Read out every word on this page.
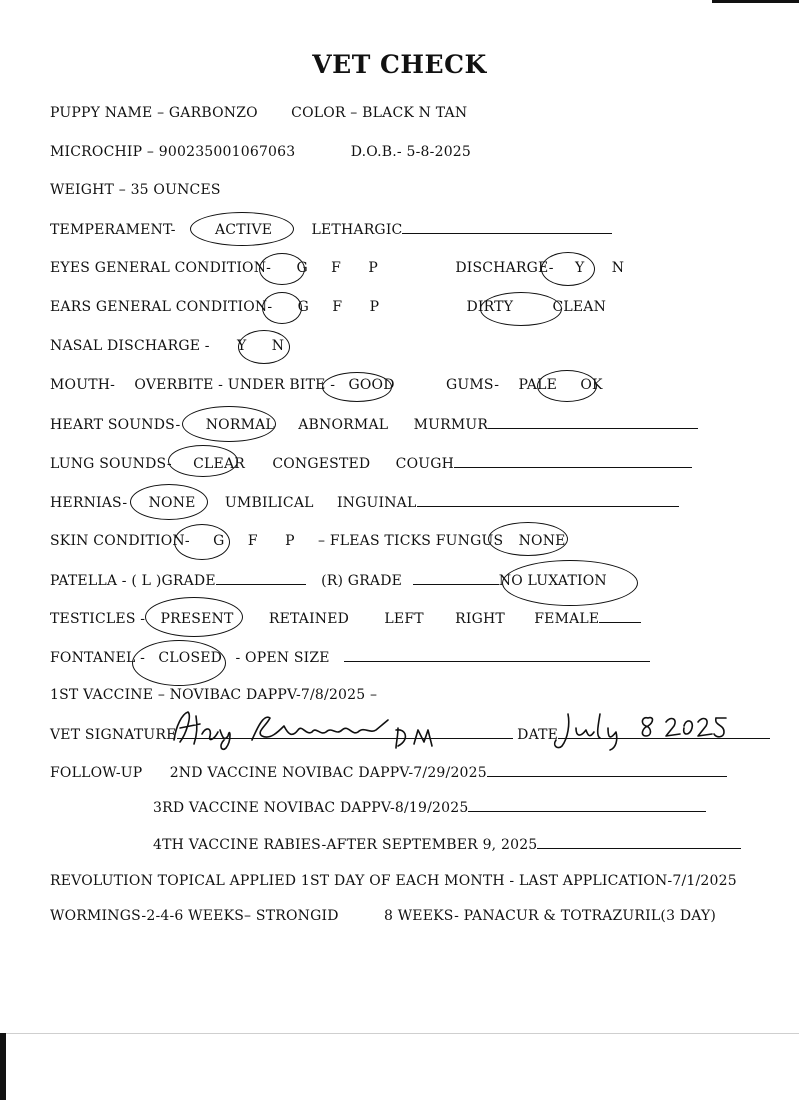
VET CHECK
PUPPY NAME – GARBONZO COLOR – BLACK N TAN
MICROCHIP – 900235001067063	D.O.B.- 5-8-2025
WEIGHT – 35 OUNCES
TEMPERAMENT-	ACTIVE	LETHARGIC
EYES GENERAL CONDITION- G F P	DISCHARGE- Y N
EARS GENERAL CONDITION- G F P	DIRTY	CLEAN
NASAL DISCHARGE - Y N
MOUTH- OVERBITE - UNDER BITE - GOOD	GUMS- PALE OK
HEART SOUNDS- NORMAL ABNORMAL MURMUR
LUNG SOUNDS- CLEAR CONGESTED COUGH
HERNIAS- NONE UMBILICAL INGUINAL
SKIN CONDITION- G F P – FLEAS TICKS FUNGUS NONE
PATELLA - ( L )GRADE	(R) GRADE	NO LUXATION
TESTICLES - PRESENT	RETAINED	LEFT RIGHT FEMALE
FONTANEL - CLOSED - OPEN SIZE
1ST VACCINE – NOVIBAC DAPPV-7/8/2025 –
VET SIGNATURE	DATE
FOLLOW-UP 2ND VACCINE NOVIBAC DAPPV-7/29/2025
3RD VACCINE NOVIBAC DAPPV-8/19/2025
4TH VACCINE RABIES-AFTER SEPTEMBER 9, 2025
REVOLUTION TOPICAL APPLIED 1ST DAY OF EACH MONTH - LAST APPLICATION-7/1/2025
WORMINGS-2-4-6 WEEKS– STRONGID	8 WEEKS- PANACUR & TOTRAZURIL(3 DAY)
